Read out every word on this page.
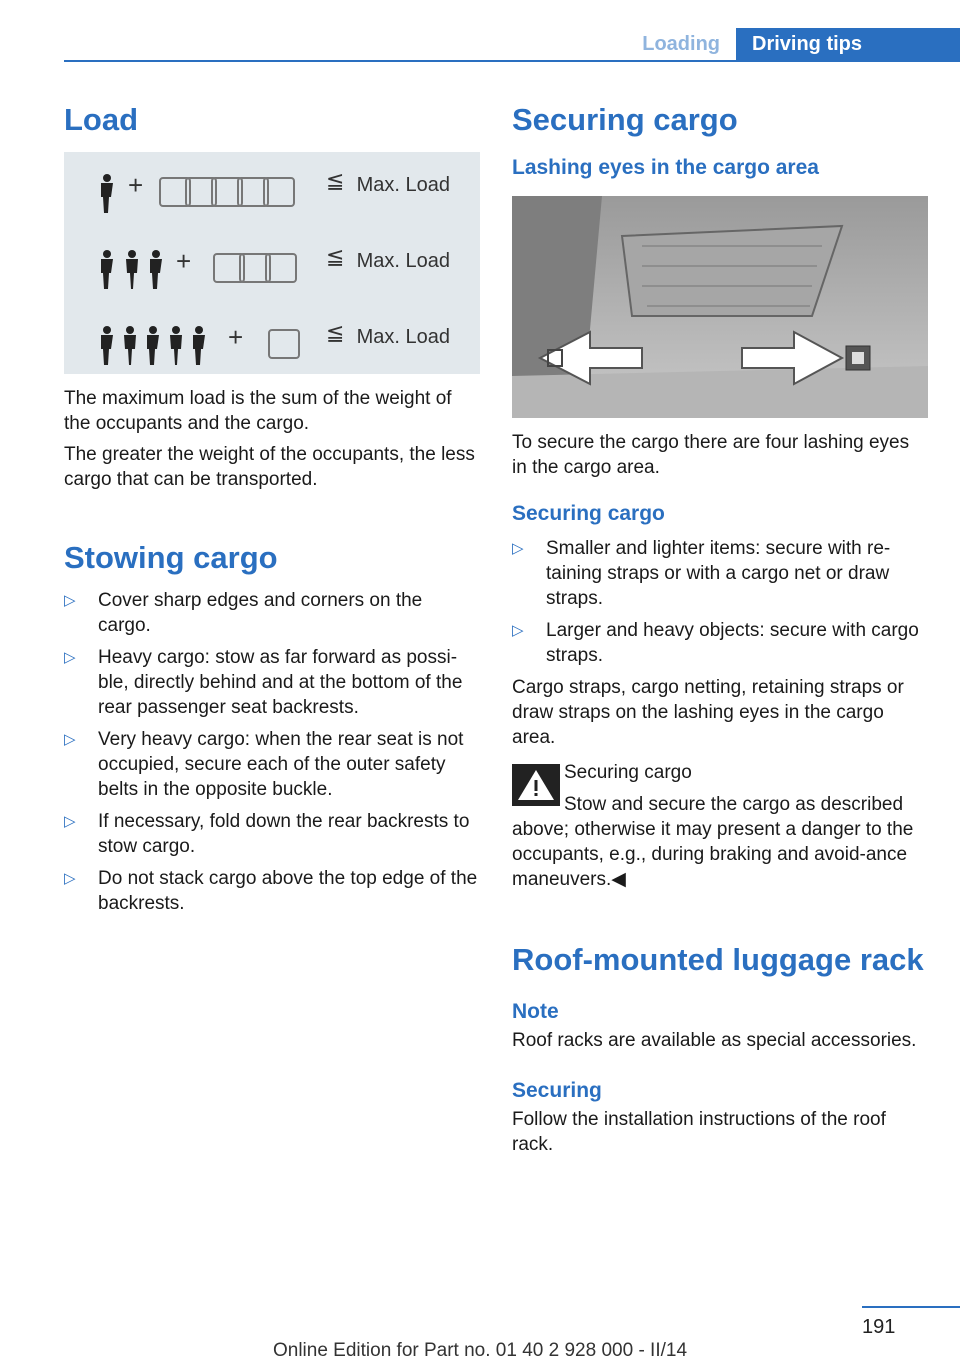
Loading	Driving tips
Load
+	≦ Max. Load
+	≦ Max. Load
+	≦ Max. Load

The maximum load is the sum of the weight of the occupants and the cargo.

The greater the weight of the occupants, the less cargo that can be transported.

Stowing cargo
▷ Cover sharp edges and corners on the cargo.
▷ Heavy cargo: stow as far forward as possi-ble, directly behind and at the bottom of the rear passenger seat backrests.
▷ Very heavy cargo: when the rear seat is not occupied, secure each of the outer safety belts in the opposite buckle.
▷ If necessary, fold down the rear backrests to stow cargo.
▷ Do not stack cargo above the top edge of the backrests.
Securing cargo
Lashing eyes in the cargo area

To secure the cargo there are four lashing eyes in the cargo area.

Securing cargo
▷ Smaller and lighter items: secure with re-taining straps or with a cargo net or draw straps.
▷ Larger and heavy objects: secure with cargo straps.

Cargo straps, cargo netting, retaining straps or draw straps on the lashing eyes in the cargo area.

Securing cargo
Stow and secure the cargo as described above; otherwise it may present a danger to the occupants, e.g., during braking and avoid-ance maneuvers.◀
Roof-mounted luggage rack
Note

Roof racks are available as special accessories.

Securing

Follow the installation instructions of the roof rack.

191
Online Edition for Part no. 01 40 2 928 000 - II/14
